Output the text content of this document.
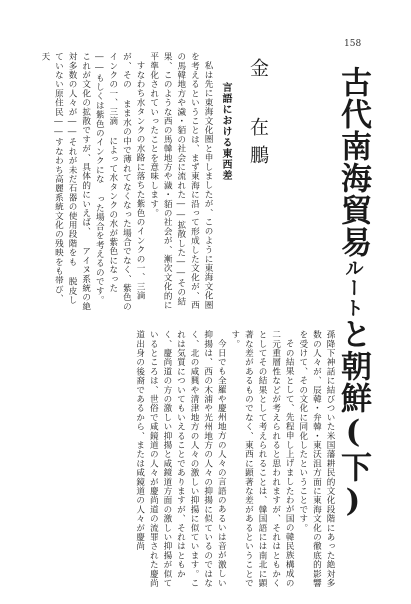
158
古代南海貿易ルートと朝鮮(下)
金 在鵬
言語における東西差

私は先に東海文化圏と申しましたが、このように東海文化圏を考えるということは、まず東海に沿って形成した文化が、西の馬韓地方や濊・貊の社会に流れた――拡散した――その結果、このような西の馬韓地方や濊・貊の社会が、漸次文化的に平準化されていったことを意味します。

すなわち水タンクの水路に落ちた紫色のインクの一、三滴が、その まま水の中で薄れてなくなった場合でなく、紫色のインクの一、三滴 によって水タンクの水が紫色になった――もしくは紫色のインクにな った場合を考えるのです。これが文化の拡散ですが、具体的にいえば、 アイヌ系統の絶対多数の人々が――それが未だ石器の使用段階をも 脱皮していない原住民――すなわち高麗系統文化の残映をも帯び、天

孫降下神話に結びついた米国藩耕民的文化段階にあった絶対多数の人々が、辰韓・弁韓・東沃沮方面に東海文化の徹底的影響を受けて、その文化に同化したということです。

その結果として、先程申し上げましたわが国の韓民族構成の二元重層性などが考えられると思われますが、それはともかくとしてその結果として考えられることは、韓国語には南北に顕著な差があるものでなく、東西に顕著な差があるということです。

今日でも全羅や慶州地方の人々の言語のあるいは音が激しい抑揚は、西の木浦や光州地方の人々の抑揚に似ているのではなく、北の咸興や清津地方の人々の激しい抑揚に似ています。これは気質についてもいえることでありますが、それはともかく、慶尚道の方の激しい抑揚と咸鏡道方面の激しい抑揚が似ているところは、世俗で咸鏡道の人々が慶尚道の流罪された慶尚道出身の後裔であるから、または咸鏡道の人々が慶尚
